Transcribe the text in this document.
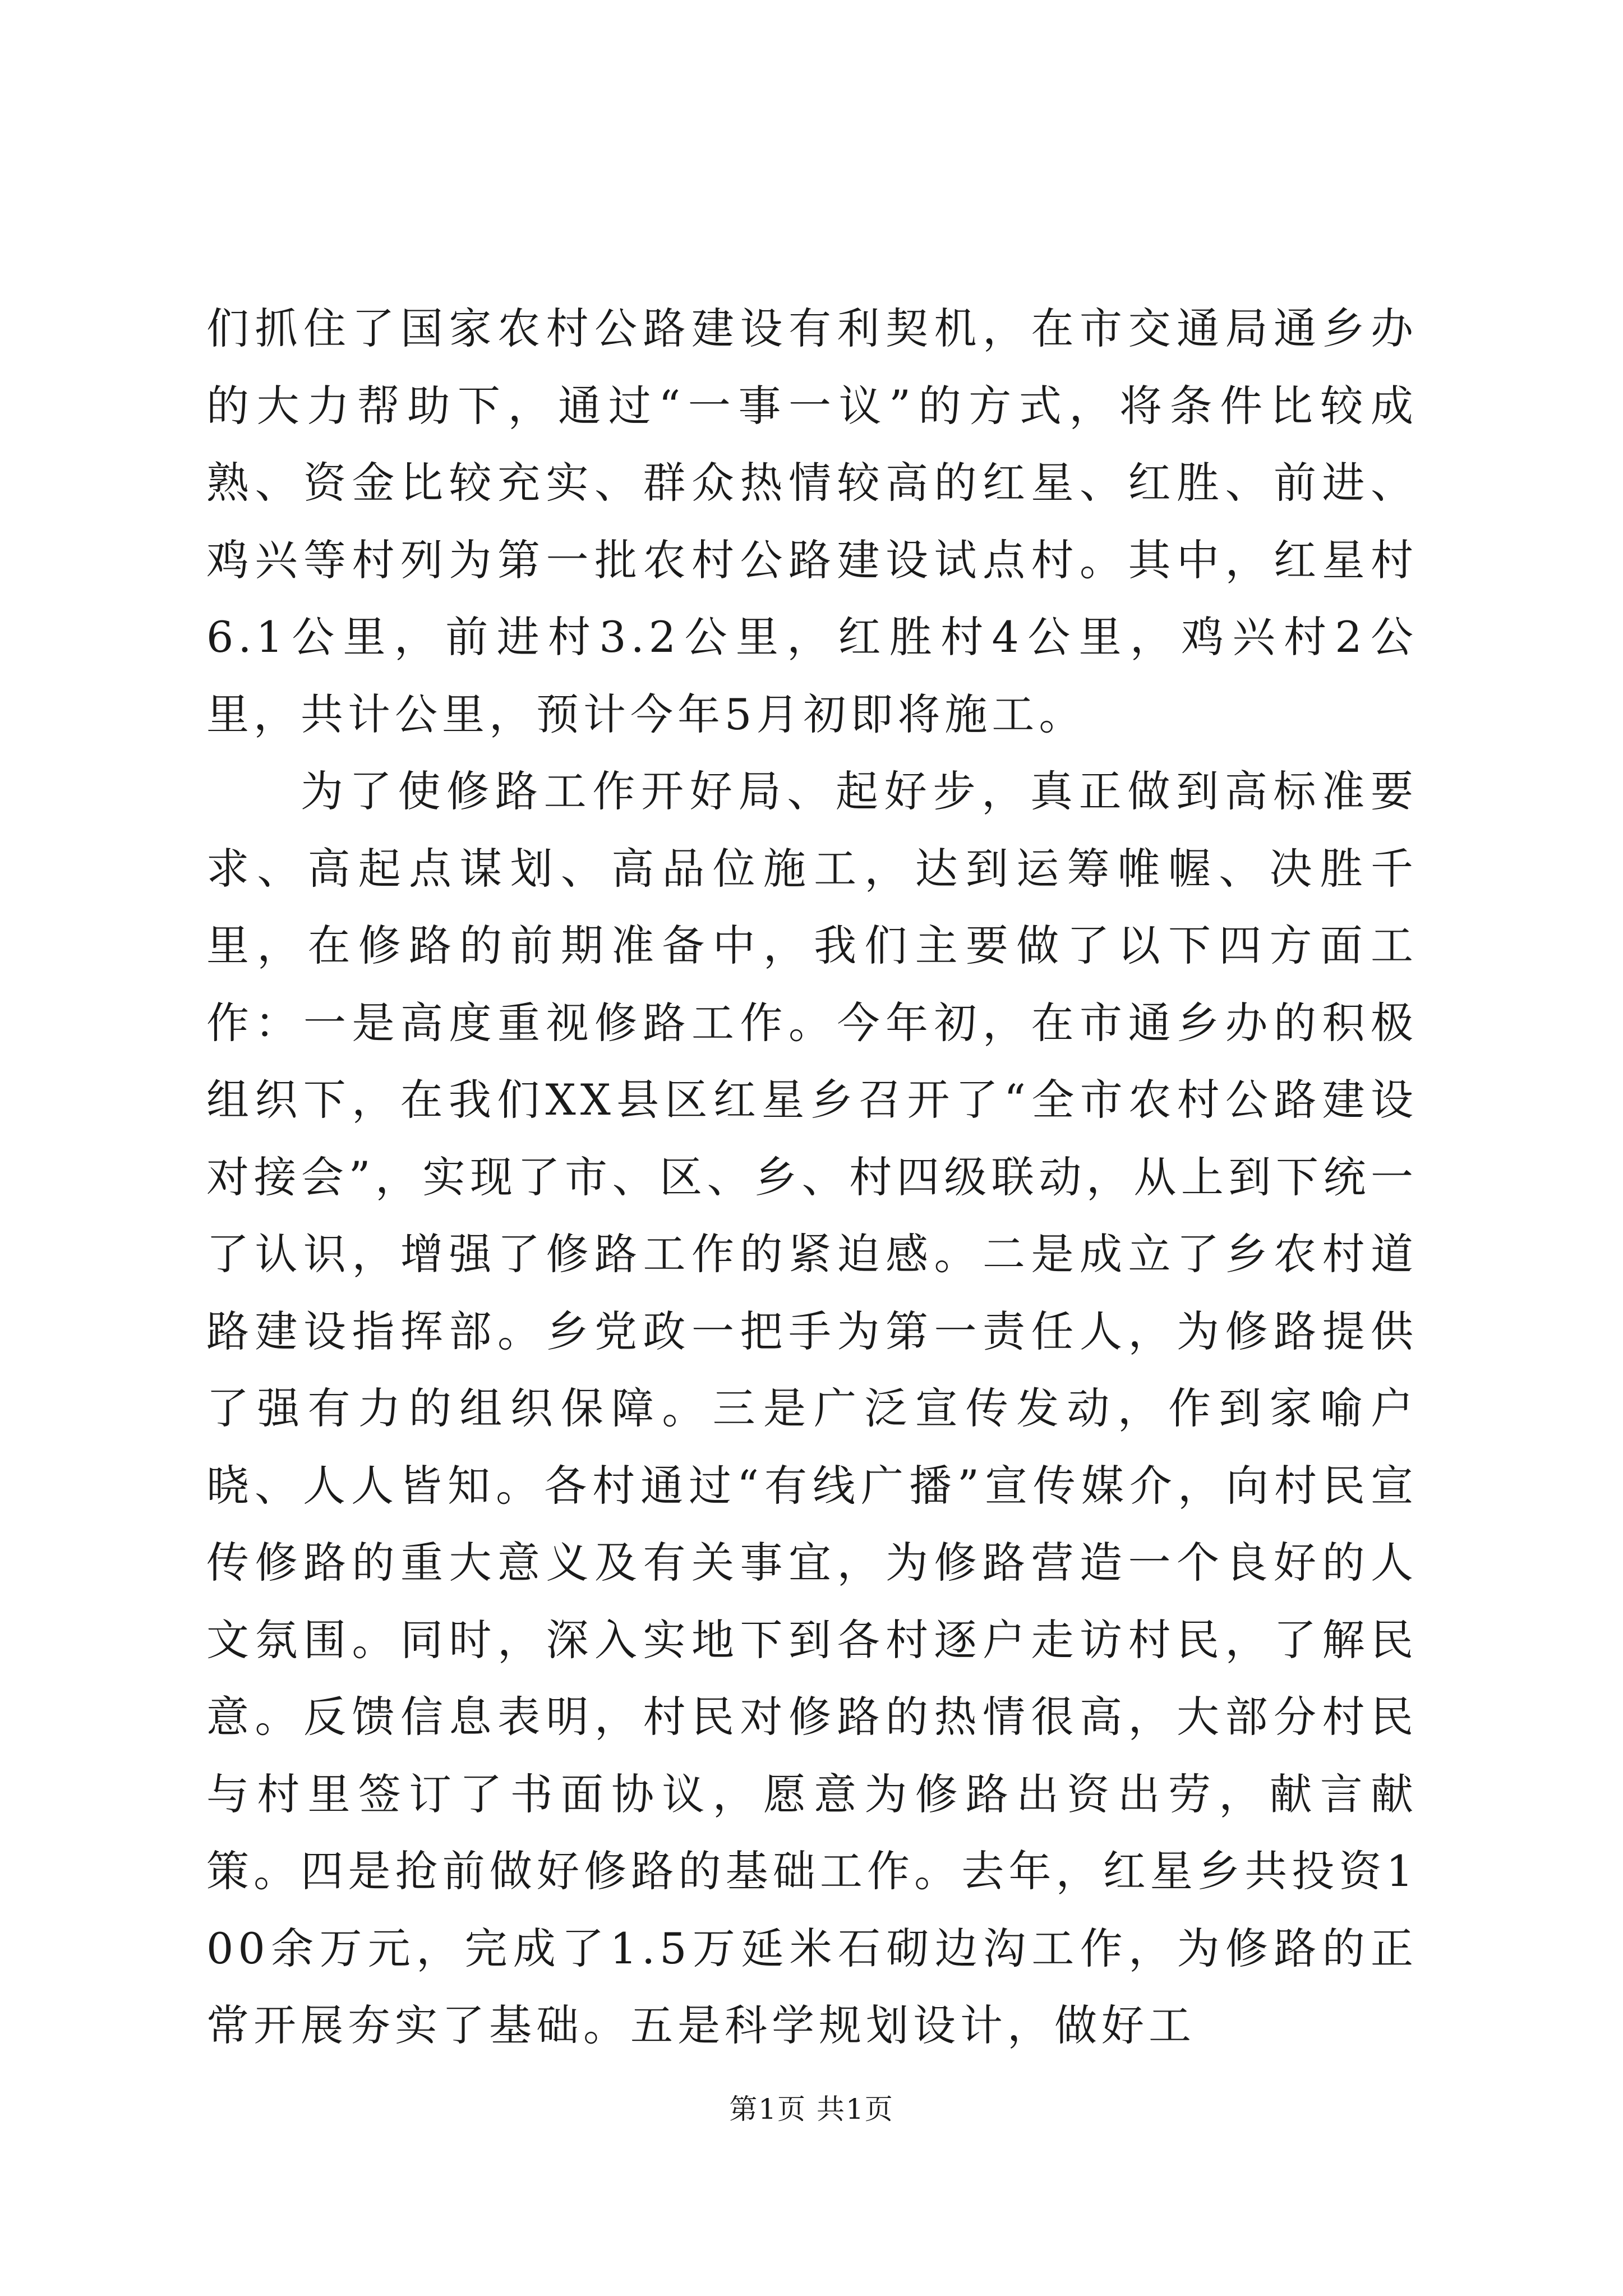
们抓住了国家农村公路建设有利契机，在市交通局通乡办的大力帮助下，通过“一事一议”的方式，将条件比较成熟、资金比较充实、群众热情较高的红星、红胜、前进、鸡兴等村列为第一批农村公路建设试点村。其中，红星村6.1公里，前进村3.2公里，红胜村4公里，鸡兴村2公里，共计公里，预计今年5月初即将施工。

为了使修路工作开好局、起好步，真正做到高标准要求、高起点谋划、高品位施工，达到运筹帷幄、决胜千里，在修路的前期准备中，我们主要做了以下四方面工作：一是高度重视修路工作。今年初，在市通乡办的积极组织下，在我们XX县区红星乡召开了“全市农村公路建设对接会”，实现了市、区、乡、村四级联动，从上到下统一了认识，增强了修路工作的紧迫感。二是成立了乡农村道路建设指挥部。乡党政一把手为第一责任人，为修路提供了强有力的组织保障。三是广泛宣传发动，作到家喻户晓、人人皆知。各村通过“有线广播”宣传媒介，向村民宣传修路的重大意义及有关事宜，为修路营造一个良好的人文氛围。同时，深入实地下到各村逐户走访村民，了解民意。反馈信息表明，村民对修路的热情很高，大部分村民与村里签订了书面协议，愿意为修路出资出劳，献言献策。四是抢前做好修路的基础工作。去年，红星乡共投资100余万元，完成了1.5万延米石砌边沟工作，为修路的正常开展夯实了基础。五是科学规划设计，做好工

第1页 共1页
